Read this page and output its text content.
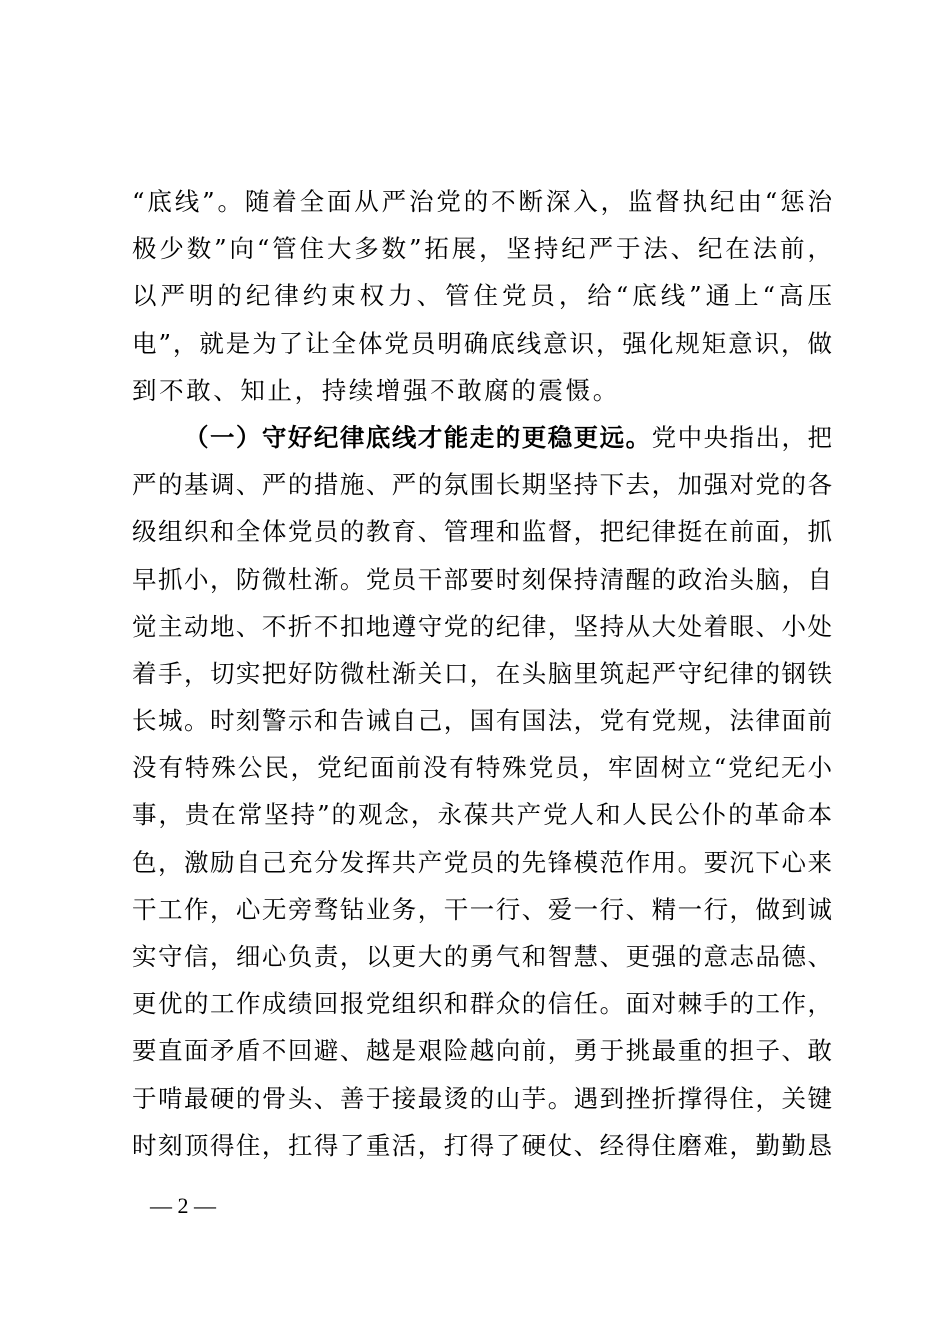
“底线”。随着全面从严治党的不断深入，监督执纪由“惩治
极少数”向“管住大多数”拓展，坚持纪严于法、纪在法前，
以严明的纪律约束权力、管住党员，给“底线”通上“高压
电”，就是为了让全体党员明确底线意识，强化规矩意识，做
到不敢、知止，持续增强不敢腐的震慑。
（一）守好纪律底线才能走的更稳更远。党中央指出，把
严的基调、严的措施、严的氛围长期坚持下去，加强对党的各
级组织和全体党员的教育、管理和监督，把纪律挺在前面，抓
早抓小，防微杜渐。党员干部要时刻保持清醒的政治头脑，自
觉主动地、不折不扣地遵守党的纪律，坚持从大处着眼、小处
着手，切实把好防微杜渐关口，在头脑里筑起严守纪律的钢铁
长城。时刻警示和告诫自己，国有国法，党有党规，法律面前
没有特殊公民，党纪面前没有特殊党员，牢固树立“党纪无小
事，贵在常坚持”的观念，永葆共产党人和人民公仆的革命本
色，激励自己充分发挥共产党员的先锋模范作用。要沉下心来
干工作，心无旁骛钻业务，干一行、爱一行、精一行，做到诚
实守信，细心负责，以更大的勇气和智慧、更强的意志品德、
更优的工作成绩回报党组织和群众的信任。面对棘手的工作，
要直面矛盾不回避、越是艰险越向前，勇于挑最重的担子、敢
于啃最硬的骨头、善于接最烫的山芋。遇到挫折撑得住，关键
时刻顶得住，扛得了重活，打得了硬仗、经得住磨难，勤勤恳
— 2 —
